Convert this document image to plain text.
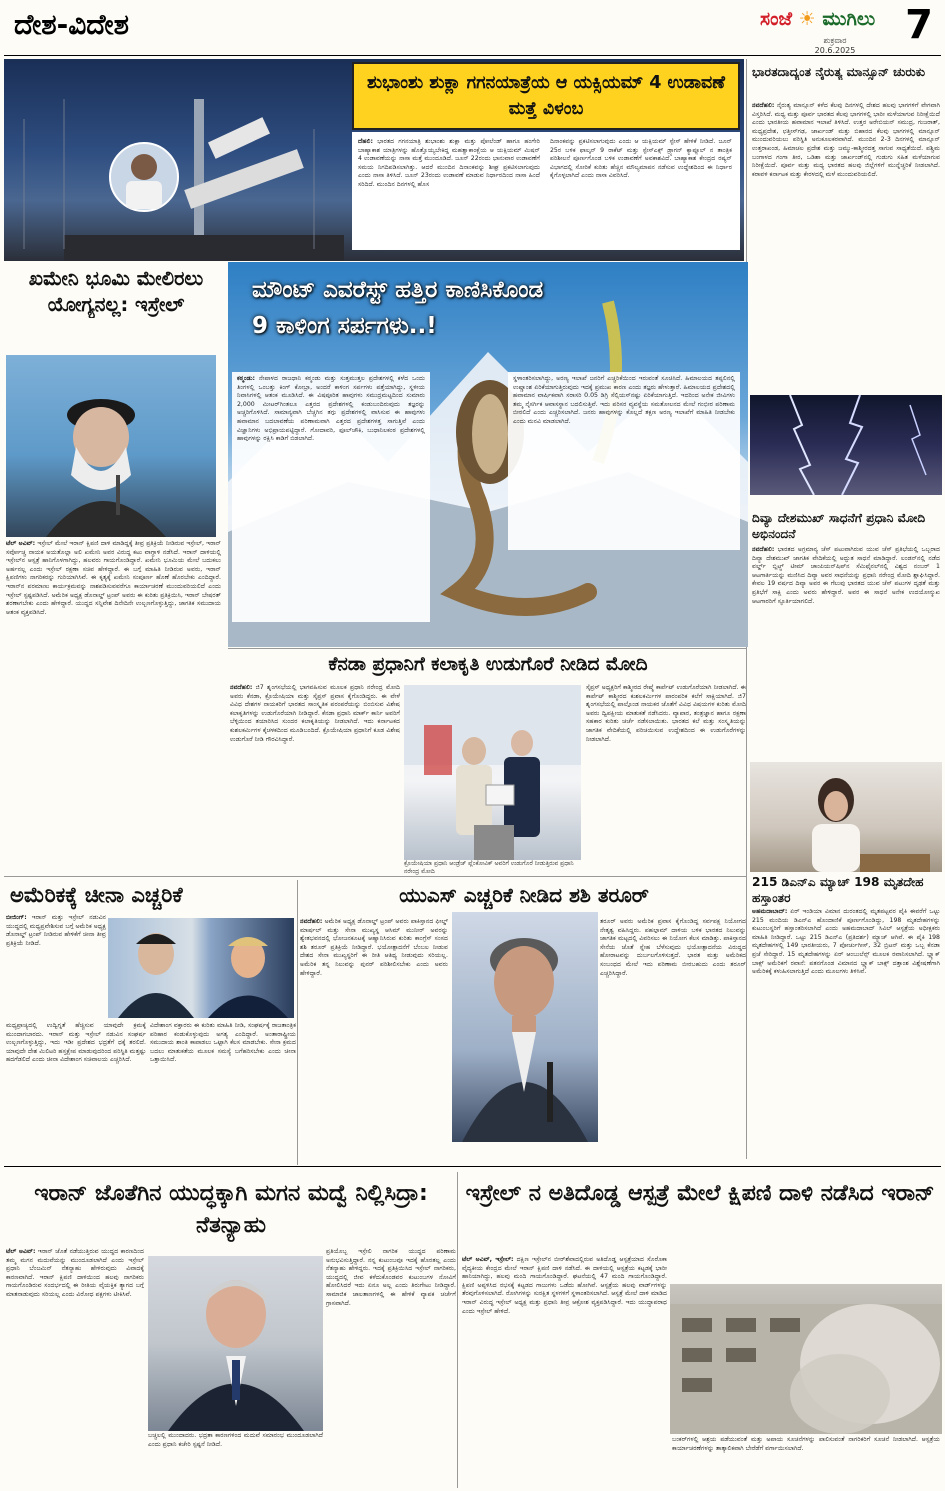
ದೇಶ-ವಿದೇಶ	ಸಂಜೆ ☀ ಮುಗಿಲು
ಶುಕ್ರವಾರ
20.6.2025
7
ಶುಭಾಂಶು ಶುಕ್ಲಾ ಗಗನಯಾತ್ರೆಯ ಆ ಯಕ್ಸಿಯಮ್ 4 ಉಡಾವಣೆ ಮತ್ತೆ ವಿಳಂಬ
ದೆಹಲಿ: ಭಾರತದ ಗಗನಯಾತ್ರಿ ಶುಭಾಂಶು ಶುಕ್ಲಾ ಮತ್ತು ಪೋಲೆಂಡ್ ಹಾಗೂ ಹಂಗೇರಿ ಬಾಹ್ಯಾಕಾಶ ಯಾತ್ರಿಗಳನ್ನು ಹೊತ್ತೊಯ್ಯಬೇಕಿದ್ದ ಮಹತ್ವಾಕಾಂಕ್ಷೆಯ ಆ ಯಕ್ಸಿಯಮ್ ಮಿಷನ್ 4 ಉಡಾವಣೆಯನ್ನು ನಾಸಾ ಮತ್ತೆ ಮುಂದೂಡಿದೆ. ಜೂನ್ 22ರಂದು ಭಾನುವಾರ ಉಡಾವಣೆಗೆ ಸಮಯ ನಿಗದಿಪಡಿಸಲಾಗಿತ್ತು. ಆದರೆ ಮುಂದಿನ ದಿನಾಂಕವನ್ನು ಶೀಘ್ರ ಪ್ರಕಟಿಸಲಾಗುವುದು ಎಂದು ನಾಸಾ ತಿಳಿಸಿದೆ. ಜೂನ್ 23ರಂದು ಉಡಾವಣೆ ಮಾಡುವ ನಿರ್ಧಾರದಿಂದ ನಾಸಾ ಹಿಂದೆ ಸರಿದಿದೆ. ಮುಂದಿನ ದಿನಗಳಲ್ಲಿ ಹೊಸ
ದಿನಾಂಕವನ್ನು ಪ್ರಕಟಿಸಲಾಗುವುದು ಎಂದು ಆ ಯಕ್ಸಿಯಮ್ ಸ್ಪೇಸ್ ಹೇಳಿಕೆ ನೀಡಿದೆ. ಜೂನ್ 25ರ ಬಳಿಕ ಫಾಲ್ಕನ್ 9 ರಾಕೆಟ್ ಮತ್ತು ಸ್ಪೇಸ್‌ಎಕ್ಸ್ ಡ್ರ್ಯಾಗನ್ ಕ್ಯಾಪ್ಸೂಲ್ ನ ತಾಂತ್ರಿಕ ಪರಿಶೀಲನೆ ಪೂರ್ಣಗೊಂಡ ಬಳಿಕ ಉಡಾವಣೆಗೆ ಅವಕಾಶವಿದೆ. ಬಾಹ್ಯಾಕಾಶ ಕೇಂದ್ರದ ರಷ್ಯನ್ ವಿಭಾಗದಲ್ಲಿ ಸೋರಿಕೆ ಕುರಿತು ಹೆಚ್ಚಿನ ಮೌಲ್ಯಮಾಪನ ನಡೆಸುವ ಉದ್ದೇಶದಿಂದ ಈ ನಿರ್ಧಾರ ಕೈಗೊಳ್ಳಲಾಗಿದೆ ಎಂದು ನಾಸಾ ವಿವರಿಸಿದೆ.
ಭಾರತದಾದ್ಯಂತ ನೈರುತ್ಯ ಮಾನ್ಸೂನ್ ಚುರುಕು
ನವದೆಹಲಿ: ನೈರುತ್ಯ ಮಾನ್ಸೂನ್ ಕಳೆದ ಕೆಲವು ದಿನಗಳಲ್ಲಿ ದೇಶದ ಹಲವು ಭಾಗಗಳಿಗೆ ವೇಗವಾಗಿ ವಿಸ್ತರಿಸಿದೆ. ಮಧ್ಯ ಮತ್ತು ಪೂರ್ವ ಭಾರತದ ಕೆಲವು ಭಾಗಗಳಲ್ಲಿ ಭಾರೀ ಮಳೆಯಾಗುವ ನಿರೀಕ್ಷೆಯಿದೆ ಎಂದು ಭಾರತೀಯ ಹವಾಮಾನ ಇಲಾಖೆ ತಿಳಿಸಿದೆ. ಉತ್ತರ ಅರೇಬಿಯನ್ ಸಮುದ್ರ, ಗುಜರಾತ್, ಮಧ್ಯಪ್ರದೇಶ, ಛತ್ತೀಸ್‌ಗಢ, ಜಾರ್ಖಂಡ್ ಮತ್ತು ಬಿಹಾರದ ಕೆಲವು ಭಾಗಗಳಲ್ಲಿ ಮಾನ್ಸೂನ್ ಮುಂದುವರಿಯಲು ಪರಿಸ್ಥಿತಿ ಅನುಕೂಲಕರವಾಗಿದೆ. ಮುಂದಿನ 2-3 ದಿನಗಳಲ್ಲಿ ಮಾನ್ಸೂನ್ ಉತ್ತರಾಖಂಡ, ಹಿಮಾಚಲ ಪ್ರದೇಶ ಮತ್ತು ಜಮ್ಮು-ಕಾಶ್ಮೀರದತ್ತ ಸಾಗುವ ಸಾಧ್ಯತೆಯಿದೆ. ಪಶ್ಚಿಮ ಬಂಗಾಳದ ಗಂಗಾ ತೀರ, ಒಡಿಶಾ ಮತ್ತು ಜಾರ್ಖಂಡ್‌ನಲ್ಲಿ ಗುಡುಗು ಸಹಿತ ಮಳೆಯಾಗುವ ನಿರೀಕ್ಷೆಯಿದೆ. ಪೂರ್ವ ಮತ್ತು ಮಧ್ಯ ಭಾರತದ ಹಲವು ಜಿಲ್ಲೆಗಳಿಗೆ ಮುನ್ನೆಚ್ಚರಿಕೆ ನೀಡಲಾಗಿದೆ. ಕರಾವಳಿ ಕರ್ನಾಟಕ ಮತ್ತು ಕೇರಳದಲ್ಲಿ ಮಳೆ ಮುಂದುವರಿಯಲಿದೆ.
ದಿವ್ಯಾ ದೇಶಮುಖ್ ಸಾಧನೆಗೆ ಪ್ರಧಾನಿ ಮೋದಿ ಅಭಿನಂದನೆ
ನವದೆಹಲಿ: ಭಾರತದ ಅಗ್ರಮಾನ್ಯ ಚೆಸ್ ಪಟುವಾಗಿರುವ ಯುವ ಚೆಸ್ ಪ್ರತಿಭೆಯಲ್ಲಿ ಒಬ್ಬರಾದ ದಿವ್ಯಾ ದೇಶಮುಖ್ ಜಾಗತಿಕ ವೇದಿಕೆಯಲ್ಲಿ ಅದ್ಭುತ ಸಾಧನೆ ಮಾಡಿದ್ದಾರೆ. ಲಂಡನ್‌ನಲ್ಲಿ ನಡೆದ ವರ್ಲ್ಡ್ ಬ್ಲಿಟ್ಜ್ ಟೀಮ್ ಚಾಂಪಿಯನ್‌ಷಿಪ್‌ನ ಸೆಮಿಫೈನಲ್‌ನಲ್ಲಿ ವಿಶ್ವದ ನಂಬರ್ 1 ಆಟಗಾರ್ತಿಯನ್ನು ಮಣಿಸಿದ ದಿವ್ಯಾ ಅವರ ಸಾಧನೆಯನ್ನು ಪ್ರಧಾನಿ ನರೇಂದ್ರ ಮೋದಿ ಶ್ಲಾಘಿಸಿದ್ದಾರೆ. ಕೇವಲ 19 ವರ್ಷದ ದಿವ್ಯಾ ಅವರ ಈ ಗೆಲುವು ಭಾರತದ ಯುವ ಚೆಸ್ ಪಟುಗಳ ದೃಢತೆ ಮತ್ತು ಪ್ರತಿಭೆಗೆ ಸಾಕ್ಷಿ ಎಂದು ಅವರು ಹೇಳಿದ್ದಾರೆ. ಅವರ ಈ ಸಾಧನೆ ಅನೇಕ ಉದಯೋನ್ಮುಖ ಆಟಗಾರರಿಗೆ ಸ್ಫೂರ್ತಿಯಾಗಲಿದೆ.
215 ಡಿಎನ್‌ಎ ಮ್ಯಾಚ್ 198 ಮೃತದೇಹ ಹಸ್ತಾಂತರ
ಅಹಮದಾಬಾದ್: ಏರ್ ಇಂಡಿಯಾ ವಿಮಾನ ದುರಂತದಲ್ಲಿ ಮೃತಪಟ್ಟವರ ಪೈಕಿ ಈವರೆಗೆ ಒಟ್ಟು 215 ಮಂದಿಯ ಡಿಎನ್‌ಎ ಹೊಂದಾಣಿಕೆ ಪೂರ್ಣಗೊಂಡಿದ್ದು, 198 ಮೃತದೇಹಗಳನ್ನು ಕುಟುಂಬಸ್ಥರಿಗೆ ಹಸ್ತಾಂತರಿಸಲಾಗಿದೆ ಎಂದು ಅಹಮದಾಬಾದ್ ಸಿವಿಲ್ ಆಸ್ಪತ್ರೆಯ ಅಧೀಕ್ಷಕರು ಮಾಹಿತಿ ನೀಡಿದ್ದಾರೆ. ಒಟ್ಟು 215 ಡಿಎನ್‌ಎ (ಪ್ರತಿದರ್ಶ) ಮ್ಯಾಚ್ ಆಗಿವೆ. ಈ ಪೈಕಿ 198 ಮೃತದೇಹಗಳಲ್ಲಿ 149 ಭಾರತೀಯರು, 7 ಪೋರ್ಚುಗೀಸ್, 32 ಬ್ರಿಟನ್ ಮತ್ತು ಒಬ್ಬ ಕೆನಡಾ ಪ್ರಜೆ ಸೇರಿದ್ದಾರೆ. 15 ಮೃತದೇಹಗಳನ್ನು ಏರ್ ಆಂಬುಲೆನ್ಸ್ ಮೂಲಕ ರವಾನಿಸಲಾಗಿದೆ. ಬ್ಲ್ಯಾಕ್ ಬಾಕ್ಸ್ ಅಮೆರಿಕಗೆ ರವಾನೆ: ಪತನಗೊಂಡ ವಿಮಾನದ ಬ್ಲ್ಯಾಕ್ ಬಾಕ್ಸ್ ದತ್ತಾಂಶ ವಿಶ್ಲೇಷಣೆಗಾಗಿ ಅಮೆರಿಕಕ್ಕೆ ಕಳುಹಿಸಲಾಗುತ್ತಿದೆ ಎಂದು ಮೂಲಗಳು ತಿಳಿಸಿವೆ.
ಖಮೇನಿ ಭೂಮಿ ಮೇಲಿರಲು ಯೋಗ್ಯನಲ್ಲ: ಇಸ್ರೇಲ್
ಟೆಲ್ ಅವಿವ್: ಇಸ್ರೇಲ್ ಮೇಲೆ ಇರಾನ್ ಕ್ಷಿಪಣಿ ದಾಳಿ ಮಾಡಿದ್ದಕ್ಕೆ ತೀವ್ರ ಪ್ರತಿಕ್ರಿಯೆ ನೀಡಿರುವ ಇಸ್ರೇಲ್, ಇರಾನ್ ಸರ್ವೋಚ್ಚ ನಾಯಕ ಅಯತೊಲ್ಲಾ ಅಲಿ ಖಮೇನಿ ಅವರ ವಿರುದ್ಧ ಕಟು ವಾಗ್ದಾಳಿ ನಡೆಸಿದೆ. ಇರಾನ್ ದಾಳಿಯಲ್ಲಿ ಇಸ್ರೇಲ್‌ನ ಆಸ್ಪತ್ರೆ ಹಾನಿಗೊಳಗಾಗಿದ್ದು, ಹಲವರು ಗಾಯಗೊಂಡಿದ್ದಾರೆ. ಖಮೇನಿ ಭೂಮಿಯ ಮೇಲೆ ಬದುಕಲು ಅರ್ಹನಲ್ಲ ಎಂದು ಇಸ್ರೇಲ್ ರಕ್ಷಣಾ ಸಚಿವ ಹೇಳಿದ್ದಾರೆ. ಈ ಬಗ್ಗೆ ಮಾಹಿತಿ ನೀಡಿರುವ ಅವರು, ಇರಾನ್ ಕ್ಷಿಪಣಿಗಳು ನಾಗರಿಕರನ್ನು ಗುರಿಯಾಗಿಸಿವೆ. ಈ ಕೃತ್ಯಕ್ಕೆ ಖಮೇನಿ ಸಂಪೂರ್ಣ ಹೊಣೆ ಹೊರಬೇಕು ಎಂದಿದ್ದಾರೆ. ಇರಾನ್‌ನ ಪರಮಾಣು ಕಾರ್ಯಕ್ರಮವನ್ನು ನಾಶಪಡಿಸುವವರೆಗೂ ಕಾರ್ಯಾಚರಣೆ ಮುಂದುವರಿಯಲಿದೆ ಎಂದು ಇಸ್ರೇಲ್ ಸ್ಪಷ್ಟಪಡಿಸಿದೆ. ಅಮೆರಿಕ ಅಧ್ಯಕ್ಷ ಡೊನಾಲ್ಡ್ ಟ್ರಂಪ್ ಅವರು ಈ ಕುರಿತು ಪ್ರತಿಕ್ರಿಯಿಸಿ, ಇರಾನ್ ಬೇಷರತ್ ಶರಣಾಗಬೇಕು ಎಂದು ಹೇಳಿದ್ದಾರೆ. ಯುದ್ಧದ ಸನ್ನಿವೇಶ ದಿನೇದಿನೇ ಉಲ್ಬಣಗೊಳ್ಳುತ್ತಿದ್ದು, ಜಾಗತಿಕ ಸಮುದಾಯ ಆತಂಕ ವ್ಯಕ್ತಪಡಿಸಿದೆ.
ಮೌಂಟ್ ಎವರೆಸ್ಟ್ ಹತ್ತಿರ ಕಾಣಿಸಿಕೊಂಡ
9 ಕಾಳಿಂಗ ಸರ್ಪಗಳು..!
ಕಠ್ಮಂಡು: ನೇಪಾಳದ ರಾಜಧಾನಿ ಕಠ್ಮಂಡು ಮತ್ತು ಸುತ್ತಮುತ್ತಲ ಪ್ರದೇಶಗಳಲ್ಲಿ ಕಳೆದ ಒಂದು ತಿಂಗಳಲ್ಲಿ ಒಂಬತ್ತು ಕಿಂಗ್ ಕೋಬ್ರಾ, ಅಂದರೆ ಕಾಳಿಂಗ ಸರ್ಪಗಳು ಪತ್ತೆಯಾಗಿದ್ದು, ಸ್ಥಳೀಯ ನಿವಾಸಿಗಳಲ್ಲಿ ಆತಂಕ ಮೂಡಿಸಿದೆ. ಈ ವಿಷಪೂರಿತ ಹಾವುಗಳು ಸಮುದ್ರಮಟ್ಟದಿಂದ ಸುಮಾರು 2,000 ಮೀಟರ್‌ಗಿಂತಲೂ ಎತ್ತರದ ಪ್ರದೇಶಗಳಲ್ಲಿ ಕಂಡುಬಂದಿರುವುದು ತಜ್ಞರನ್ನು ಅಚ್ಚರಿಗೊಳಿಸಿದೆ. ಸಾಮಾನ್ಯವಾಗಿ ಬೆಚ್ಚಗಿನ ತಗ್ಗು ಪ್ರದೇಶಗಳಲ್ಲಿ ವಾಸಿಸುವ ಈ ಹಾವುಗಳು ಹವಾಮಾನ ಬದಲಾವಣೆಯ ಪರಿಣಾಮವಾಗಿ ಎತ್ತರದ ಪ್ರದೇಶಗಳತ್ತ ಸಾಗುತ್ತಿವೆ ಎಂದು ವಿಜ್ಞಾನಿಗಳು ಅಭಿಪ್ರಾಯಪಟ್ಟಿದ್ದಾರೆ. ಗೋದಾವರಿ, ಫೂಲ್‌ಚೌಕಿ, ಬುಧಾನಿಲಕಂಠ ಪ್ರದೇಶಗಳಲ್ಲಿ ಹಾವುಗಳನ್ನು ರಕ್ಷಿಸಿ ಕಾಡಿಗೆ ಬಿಡಲಾಗಿದೆ.
ಸ್ಥಳಾಂತರಿಸಲಾಗಿದ್ದು, ಅರಣ್ಯ ಇಲಾಖೆ ಜನರಿಗೆ ಎಚ್ಚರಿಕೆಯಿಂದ ಇರುವಂತೆ ಸೂಚಿಸಿದೆ. ಹಿಮಾಲಯದ ತಪ್ಪಲಿನಲ್ಲಿ ಉಷ್ಣಾಂಶ ಏರಿಕೆಯಾಗುತ್ತಿರುವುದು ಇದಕ್ಕೆ ಪ್ರಮುಖ ಕಾರಣ ಎಂದು ತಜ್ಞರು ಹೇಳುತ್ತಾರೆ. ಹಿಮಾಲಯದ ಪ್ರದೇಶದಲ್ಲಿ ಹವಾಮಾನ ವಾರ್ಷಿಕವಾಗಿ ಸರಾಸರಿ 0.05 ಡಿಗ್ರಿ ಸೆಲ್ಸಿಯಸ್‌ನಷ್ಟು ಏರಿಕೆಯಾಗುತ್ತಿದೆ. ಇದರಿಂದ ಅನೇಕ ಜೀವಿಗಳು ತಮ್ಮ ನೈಸರ್ಗಿಕ ಆವಾಸಸ್ಥಾನ ಬದಲಿಸುತ್ತಿವೆ. ಇದು ಪರಿಸರ ವ್ಯವಸ್ಥೆಯ ಸಮತೋಲನದ ಮೇಲೆ ಗಂಭೀರ ಪರಿಣಾಮ ಬೀರಲಿದೆ ಎಂದು ಎಚ್ಚರಿಸಲಾಗಿದೆ. ಜನರು ಹಾವುಗಳನ್ನು ಕೊಲ್ಲದೆ ತಕ್ಷಣ ಅರಣ್ಯ ಇಲಾಖೆಗೆ ಮಾಹಿತಿ ನೀಡಬೇಕು ಎಂದು ಮನವಿ ಮಾಡಲಾಗಿದೆ.
ಕೆನಡಾ ಪ್ರಧಾನಿಗೆ ಕಲಾಕೃತಿ ಉಡುಗೊರೆ ನೀಡಿದ ಮೋದಿ
ನವದೆಹಲಿ: ಜಿ7 ಶೃಂಗಸಭೆಯಲ್ಲಿ ಭಾಗವಹಿಸುವ ಮೂಲಕ ಪ್ರಧಾನಿ ನರೇಂದ್ರ ಮೋದಿ ಅವರು ಕೆನಡಾ, ಕ್ರೊಯೇಷಿಯಾ ಮತ್ತು ಸೈಪ್ರಸ್ ಪ್ರವಾಸ ಕೈಗೊಂಡಿದ್ದರು. ಈ ವೇಳೆ ವಿವಿಧ ದೇಶಗಳ ನಾಯಕರಿಗೆ ಭಾರತದ ಸಾಂಸ್ಕೃತಿಕ ಪರಂಪರೆಯನ್ನು ಬಿಂಬಿಸುವ ವಿಶೇಷ ಕಲಾಕೃತಿಗಳನ್ನು ಉಡುಗೊರೆಯಾಗಿ ನೀಡಿದ್ದಾರೆ. ಕೆನಡಾ ಪ್ರಧಾನಿ ಮಾರ್ಕ್ ಕಾರ್ನಿ ಅವರಿಗೆ ಬೆಳ್ಳಿಯಿಂದ ತಯಾರಿಸಿದ ಸುಂದರ ಕಲಾಕೃತಿಯನ್ನು ನೀಡಲಾಗಿದೆ. ಇದು ಕರ್ನಾಟಕದ ಕುಶಲಕರ್ಮಿಗಳ ಕೈಚಳಕದಿಂದ ಮೂಡಿಬಂದಿದೆ. ಕ್ರೊಯೇಷಿಯಾ ಪ್ರಧಾನಿಗೆ ಕೂಡ ವಿಶೇಷ ಉಡುಗೊರೆ ನೀಡಿ ಗೌರವಿಸಿದ್ದಾರೆ.
ಕ್ರೊಯೇಷಿಯಾ ಪ್ರಧಾನಿ ಆಂಡ್ರೆಜ್ ಪ್ಲೆಂಕೋವಿಕ್ ಅವರಿಗೆ ಉಡುಗೊರೆ ನೀಡುತ್ತಿರುವ ಪ್ರಧಾನಿ ನರೇಂದ್ರ ಮೋದಿ
ಸೈಪ್ರಸ್ ಅಧ್ಯಕ್ಷರಿಗೆ ಕಾಶ್ಮೀರದ ರೇಷ್ಮೆ ಕಾರ್ಪೆಟ್ ಉಡುಗೊರೆಯಾಗಿ ನೀಡಲಾಗಿದೆ. ಈ ಕಾರ್ಪೆಟ್ ಕಾಶ್ಮೀರದ ಕುಶಲಕರ್ಮಿಗಳ ಪಾರಂಪರಿಕ ಕಲೆಗೆ ಸಾಕ್ಷಿಯಾಗಿದೆ. ಜಿ7 ಶೃಂಗಸಭೆಯಲ್ಲಿ ಪಾಲ್ಗೊಂಡ ನಾಯಕರ ಜೊತೆಗೆ ವಿವಿಧ ವಿಷಯಗಳ ಕುರಿತು ಮೋದಿ ಅವರು ದ್ವಿಪಕ್ಷೀಯ ಮಾತುಕತೆ ನಡೆಸಿದರು. ವ್ಯಾಪಾರ, ತಂತ್ರಜ್ಞಾನ ಹಾಗೂ ರಕ್ಷಣಾ ಸಹಕಾರ ಕುರಿತು ಚರ್ಚೆ ನಡೆಸಲಾಯಿತು. ಭಾರತದ ಕಲೆ ಮತ್ತು ಸಂಸ್ಕೃತಿಯನ್ನು ಜಾಗತಿಕ ವೇದಿಕೆಯಲ್ಲಿ ಪರಿಚಯಿಸುವ ಉದ್ದೇಶದಿಂದ ಈ ಉಡುಗೊರೆಗಳನ್ನು ನೀಡಲಾಗಿದೆ.
ಅಮೆರಿಕಕ್ಕೆ ಚೀನಾ ಎಚ್ಚರಿಕೆ
ಬೀಜಿಂಗ್: ಇರಾನ್ ಮತ್ತು ಇಸ್ರೇಲ್ ನಡುವಿನ ಯುದ್ಧದಲ್ಲಿ ಮಧ್ಯಪ್ರವೇಶಿಸುವ ಬಗ್ಗೆ ಅಮೆರಿಕ ಅಧ್ಯಕ್ಷ ಡೊನಾಲ್ಡ್ ಟ್ರಂಪ್ ನೀಡಿರುವ ಹೇಳಿಕೆಗೆ ಚೀನಾ ತೀವ್ರ ಪ್ರತಿಕ್ರಿಯೆ ನೀಡಿದೆ.
ಮಧ್ಯಪ್ರಾಚ್ಯದಲ್ಲಿ ಉದ್ವಿಗ್ನತೆ ಹೆಚ್ಚಿಸುವ ಯಾವುದೇ ಕ್ರಮಕ್ಕೆ ಮುಂದಾಗಬಾರದು. ಇರಾನ್ ಮತ್ತು ಇಸ್ರೇಲ್ ನಡುವಿನ ಸಂಘರ್ಷ ಉಲ್ಬಣಗೊಳ್ಳುತ್ತಿದ್ದು, ಇದು ಇಡೀ ಪ್ರದೇಶದ ಭದ್ರತೆಗೆ ಧಕ್ಕೆ ತರಲಿದೆ. ಯಾವುದೇ ದೇಶ ಮಿಲಿಟರಿ ಹಸ್ತಕ್ಷೇಪ ಮಾಡುವುದರಿಂದ ಪರಿಸ್ಥಿತಿ ಮತ್ತಷ್ಟು ಹದಗೆಡಲಿದೆ ಎಂದು ಚೀನಾ ವಿದೇಶಾಂಗ ಸಚಿವಾಲಯ ಎಚ್ಚರಿಸಿದೆ.
ವಿದೇಶಾಂಗ ವಕ್ತಾರರು ಈ ಕುರಿತು ಮಾಹಿತಿ ನೀಡಿ, ಸಂಘರ್ಷಕ್ಕೆ ರಾಜತಾಂತ್ರಿಕ ಪರಿಹಾರ ಕಂಡುಕೊಳ್ಳುವುದು ಅಗತ್ಯ ಎಂದಿದ್ದಾರೆ. ಅಂತಾರಾಷ್ಟ್ರೀಯ ಸಮುದಾಯ ಶಾಂತಿ ಕಾಪಾಡಲು ಒಟ್ಟಾಗಿ ಕೆಲಸ ಮಾಡಬೇಕು. ಸೇನಾ ಕ್ರಮದ ಬದಲು ಮಾತುಕತೆಯ ಮೂಲಕ ಸಮಸ್ಯೆ ಬಗೆಹರಿಸಬೇಕು ಎಂದು ಚೀನಾ ಒತ್ತಾಯಿಸಿದೆ.
ಯುಎಸ್ ಎಚ್ಚರಿಕೆ ನೀಡಿದ ಶಶಿ ತರೂರ್
ನವದೆಹಲಿ: ಅಮೆರಿಕ ಅಧ್ಯಕ್ಷ ಡೊನಾಲ್ಡ್ ಟ್ರಂಪ್ ಅವರು ಪಾಕಿಸ್ತಾನದ ಫೀಲ್ಡ್ ಮಾರ್ಷಲ್ ಮತ್ತು ಸೇನಾ ಮುಖ್ಯಸ್ಥ ಆಸಿಮ್ ಮುನೀರ್ ಅವರನ್ನು ಶ್ವೇತಭವನದಲ್ಲಿ ಭೋಜನಕೂಟಕ್ಕೆ ಆಹ್ವಾನಿಸಿರುವ ಕುರಿತು ಕಾಂಗ್ರೆಸ್ ಸಂಸದ ಶಶಿ ತರೂರ್ ಪ್ರತಿಕ್ರಿಯೆ ನೀಡಿದ್ದಾರೆ. ಭಯೋತ್ಪಾದನೆಗೆ ಬೆಂಬಲ ನೀಡುವ ದೇಶದ ಸೇನಾ ಮುಖ್ಯಸ್ಥರಿಗೆ ಈ ರೀತಿ ಆತಿಥ್ಯ ನೀಡುವುದು ಸರಿಯಲ್ಲ. ಅಮೆರಿಕ ತನ್ನ ನಿಲುವನ್ನು ಪುನರ್ ಪರಿಶೀಲಿಸಬೇಕು ಎಂದು ಅವರು ಹೇಳಿದ್ದಾರೆ.
ತರೂರ್ ಅವರು ಅಮೆರಿಕ ಪ್ರವಾಸ ಕೈಗೊಂಡಿದ್ದ ಸರ್ವಪಕ್ಷ ನಿಯೋಗದ ನೇತೃತ್ವ ವಹಿಸಿದ್ದರು. ಪಹಲ್ಗಾಮ್ ದಾಳಿಯ ಬಳಿಕ ಭಾರತದ ನಿಲುವನ್ನು ಜಾಗತಿಕ ಮಟ್ಟದಲ್ಲಿ ವಿವರಿಸಲು ಈ ನಿಯೋಗ ಕೆಲಸ ಮಾಡಿತ್ತು. ಪಾಕಿಸ್ತಾನದ ಸೇನೆಯ ಜೊತೆ ಸ್ನೇಹ ಬೆಳೆಸುವುದು ಭಯೋತ್ಪಾದನೆಯ ವಿರುದ್ಧದ ಹೋರಾಟವನ್ನು ದುರ್ಬಲಗೊಳಿಸುತ್ತದೆ. ಭಾರತ ಮತ್ತು ಅಮೆರಿಕದ ಸಂಬಂಧದ ಮೇಲೆ ಇದು ಪರಿಣಾಮ ಬೀರಬಹುದು ಎಂದು ತರೂರ್ ಎಚ್ಚರಿಸಿದ್ದಾರೆ.
ಇರಾನ್ ಜೊತೆಗಿನ ಯುದ್ಧಕ್ಕಾಗಿ ಮಗನ ಮದ್ವೆ ನಿಲ್ಲಿಸಿದ್ರಾ: ನೆತನ್ಯಾಹು
ಟೆಲ್ ಅವಿವ್: ಇರಾನ್ ಜೊತೆ ನಡೆಯುತ್ತಿರುವ ಯುದ್ಧದ ಕಾರಣದಿಂದ ತಮ್ಮ ಮಗನ ಮದುವೆಯನ್ನು ಮುಂದೂಡಲಾಗಿದೆ ಎಂದು ಇಸ್ರೇಲ್ ಪ್ರಧಾನಿ ಬೆಂಜಮಿನ್ ನೆತನ್ಯಾಹು ಹೇಳಿರುವುದು ವಿವಾದಕ್ಕೆ ಕಾರಣವಾಗಿದೆ. ಇರಾನ್ ಕ್ಷಿಪಣಿ ದಾಳಿಯಿಂದ ಹಲವು ನಾಗರಿಕರು ಗಾಯಗೊಂಡಿರುವ ಸಂದರ್ಭದಲ್ಲಿ ಈ ರೀತಿಯ ವೈಯಕ್ತಿಕ ತ್ಯಾಗದ ಬಗ್ಗೆ ಮಾತನಾಡುವುದು ಸರಿಯಲ್ಲ ಎಂದು ವಿರೋಧ ಪಕ್ಷಗಳು ಟೀಕಿಸಿವೆ.
ಪ್ರತಿಯೊಬ್ಬ ಇಸ್ರೇಲಿ ನಾಗರಿಕ ಯುದ್ಧದ ಪರಿಣಾಮ ಅನುಭವಿಸುತ್ತಿದ್ದಾರೆ. ನನ್ನ ಕುಟುಂಬವೂ ಇದಕ್ಕೆ ಹೊರತಲ್ಲ ಎಂದು ನೆತನ್ಯಾಹು ಹೇಳಿದ್ದರು. ಇದಕ್ಕೆ ಪ್ರತಿಕ್ರಿಯಿಸಿದ ಇಸ್ರೇಲ್ ನಾಗರಿಕರು, ಯುದ್ಧದಲ್ಲಿ ಜೀವ ಕಳೆದುಕೊಂಡವರ ಕುಟುಂಬಗಳ ನೋವಿಗೆ ಹೋಲಿಸಿದರೆ ಇದು ಏನೂ ಅಲ್ಲ ಎಂದು ತಿರುಗೇಟು ನೀಡಿದ್ದಾರೆ. ಸಾಮಾಜಿಕ ಜಾಲತಾಣಗಳಲ್ಲಿ ಈ ಹೇಳಿಕೆ ವ್ಯಾಪಕ ಚರ್ಚೆಗೆ ಗ್ರಾಸವಾಗಿದೆ.
ಬಚ್ಚಲಲ್ಲಿ ಮುಂದಾದರು. ಭದ್ರತಾ ಕಾರಣಗಳಿಂದ ಮದುವೆ ಸಮಾರಂಭ ಮುಂದೂಡಲಾಗಿದೆ ಎಂದು ಪ್ರಧಾನಿ ಕಚೇರಿ ಸ್ಪಷ್ಟನೆ ನೀಡಿದೆ.
ಇಸ್ರೇಲ್ ನ ಅತಿದೊಡ್ಡ ಆಸ್ಪತ್ರೆ ಮೇಲೆ ಕ್ಷಿಪಣಿ ದಾಳಿ ನಡೆಸಿದ ಇರಾನ್
ಟೆಲ್ ಅವಿವ್, ಇಸ್ರೇಲ್: ದಕ್ಷಿಣ ಇಸ್ರೇಲ್‌ನ ಬೀರ್‌ಶೆವಾದಲ್ಲಿರುವ ಅತಿದೊಡ್ಡ ಆಸ್ಪತ್ರೆಯಾದ ಸೊರೊಕಾ ವೈದ್ಯಕೀಯ ಕೇಂದ್ರದ ಮೇಲೆ ಇರಾನ್ ಕ್ಷಿಪಣಿ ದಾಳಿ ನಡೆಸಿದೆ. ಈ ದಾಳಿಯಲ್ಲಿ ಆಸ್ಪತ್ರೆಯ ಕಟ್ಟಡಕ್ಕೆ ಭಾರೀ ಹಾನಿಯಾಗಿದ್ದು, ಹಲವು ಮಂದಿ ಗಾಯಗೊಂಡಿದ್ದಾರೆ. ಘಟನೆಯಲ್ಲಿ 47 ಮಂದಿ ಗಾಯಗೊಂಡಿದ್ದಾರೆ. ಕ್ಷಿಪಣಿ ಅಪ್ಪಳಿಸಿದ ರಭಸಕ್ಕೆ ಕಟ್ಟಡದ ಗಾಜುಗಳು ಒಡೆದು ಹೋಗಿವೆ. ಆಸ್ಪತ್ರೆಯ ಹಲವು ವಾರ್ಡ್‌ಗಳನ್ನು ತೆರವುಗೊಳಿಸಲಾಗಿದೆ. ರೋಗಿಗಳನ್ನು ಸುರಕ್ಷಿತ ಸ್ಥಳಗಳಿಗೆ ಸ್ಥಳಾಂತರಿಸಲಾಗಿದೆ. ಆಸ್ಪತ್ರೆ ಮೇಲೆ ದಾಳಿ ಮಾಡಿದ ಇರಾನ್ ವಿರುದ್ಧ ಇಸ್ರೇಲ್ ಅಧ್ಯಕ್ಷ ಮತ್ತು ಪ್ರಧಾನಿ ತೀವ್ರ ಆಕ್ರೋಶ ವ್ಯಕ್ತಪಡಿಸಿದ್ದಾರೆ. ಇದು ಯುದ್ಧಾಪರಾಧ ಎಂದು ಇಸ್ರೇಲ್ ಹೇಳಿದೆ.
ಬಂಕರ್‌ಗಳಲ್ಲಿ ಆಶ್ರಯ ಪಡೆಯುವಂತೆ ಮತ್ತು ಅಪಾಯ ಸೂಚನೆಗಳನ್ನು ಪಾಲಿಸುವಂತೆ ನಾಗರಿಕರಿಗೆ ಸೂಚನೆ ನೀಡಲಾಗಿದೆ. ಆಸ್ಪತ್ರೆಯ ಕಾರ್ಯಾಚರಣೆಗಳನ್ನು ತಾತ್ಕಾಲಿಕವಾಗಿ ಬೇರೆಡೆಗೆ ವರ್ಗಾಯಿಸಲಾಗಿದೆ.
